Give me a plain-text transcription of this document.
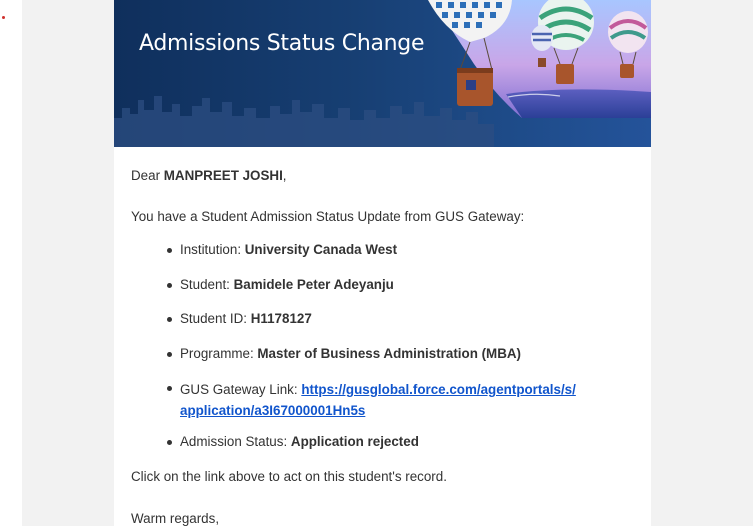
Admissions Status Change
Dear MANPREET JOSHI,
You have a Student Admission Status Update from GUS Gateway:
Institution: University Canada West
Student: Bamidele Peter Adeyanju
Student ID: H1178127
Programme: Master of Business Administration (MBA)
GUS Gateway Link: https://gusglobal.force.com/agentportals/s/
application/a3I67000001Hn5s
Admission Status: Application rejected
Click on the link above to act on this student's record.
Warm regards,
